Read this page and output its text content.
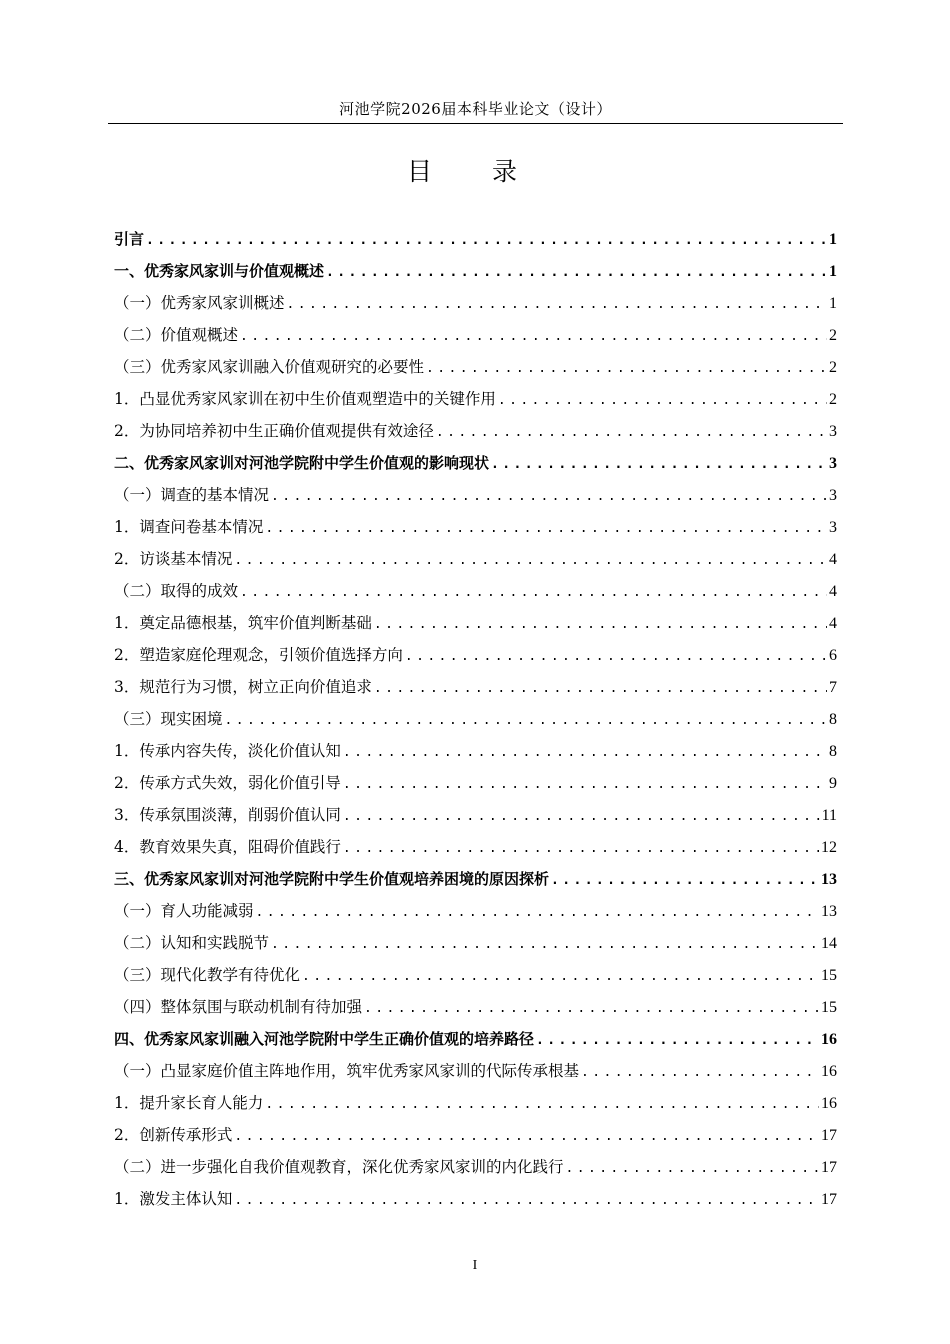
河池学院2026届本科毕业论文（设计）
目 录
引言 .....	1
一、优秀家风家训与价值观概述 .....	1
（一）优秀家风家训概述 .....	1
（二）价值观概述 .....	2
（三）优秀家风家训融入价值观研究的必要性 .....	2
1．凸显优秀家风家训在初中生价值观塑造中的关键作用 .....	2
2．为协同培养初中生正确价值观提供有效途径 .....	3
二、优秀家风家训对河池学院附中学生价值观的影响现状 .....	3
（一）调查的基本情况 .....	3
1．调查问卷基本情况 .....	3
2．访谈基本情况 .....	4
（二）取得的成效 .....	4
1．奠定品德根基，筑牢价值判断基础 .....	4
2．塑造家庭伦理观念，引领价值选择方向 .....	6
3．规范行为习惯，树立正向价值追求 .....	7
（三）现实困境 .....	8
1．传承内容失传，淡化价值认知 .....	8
2．传承方式失效，弱化价值引导 .....	9
3．传承氛围淡薄，削弱价值认同 .....	11
4．教育效果失真，阻碍价值践行 .....	12
三、优秀家风家训对河池学院附中学生价值观培养困境的原因探析 .....	13
（一）育人功能减弱 .....	13
（二）认知和实践脱节 .....	14
（三）现代化教学有待优化 .....	15
（四）整体氛围与联动机制有待加强 .....	15
四、优秀家风家训融入河池学院附中学生正确价值观的培养路径 .....	16
（一）凸显家庭价值主阵地作用，筑牢优秀家风家训的代际传承根基 .....	16
1．提升家长育人能力 .....	16
2．创新传承形式 .....	17
（二）进一步强化自我价值观教育，深化优秀家风家训的内化践行 .....	17
1．激发主体认知 .....	17
I
